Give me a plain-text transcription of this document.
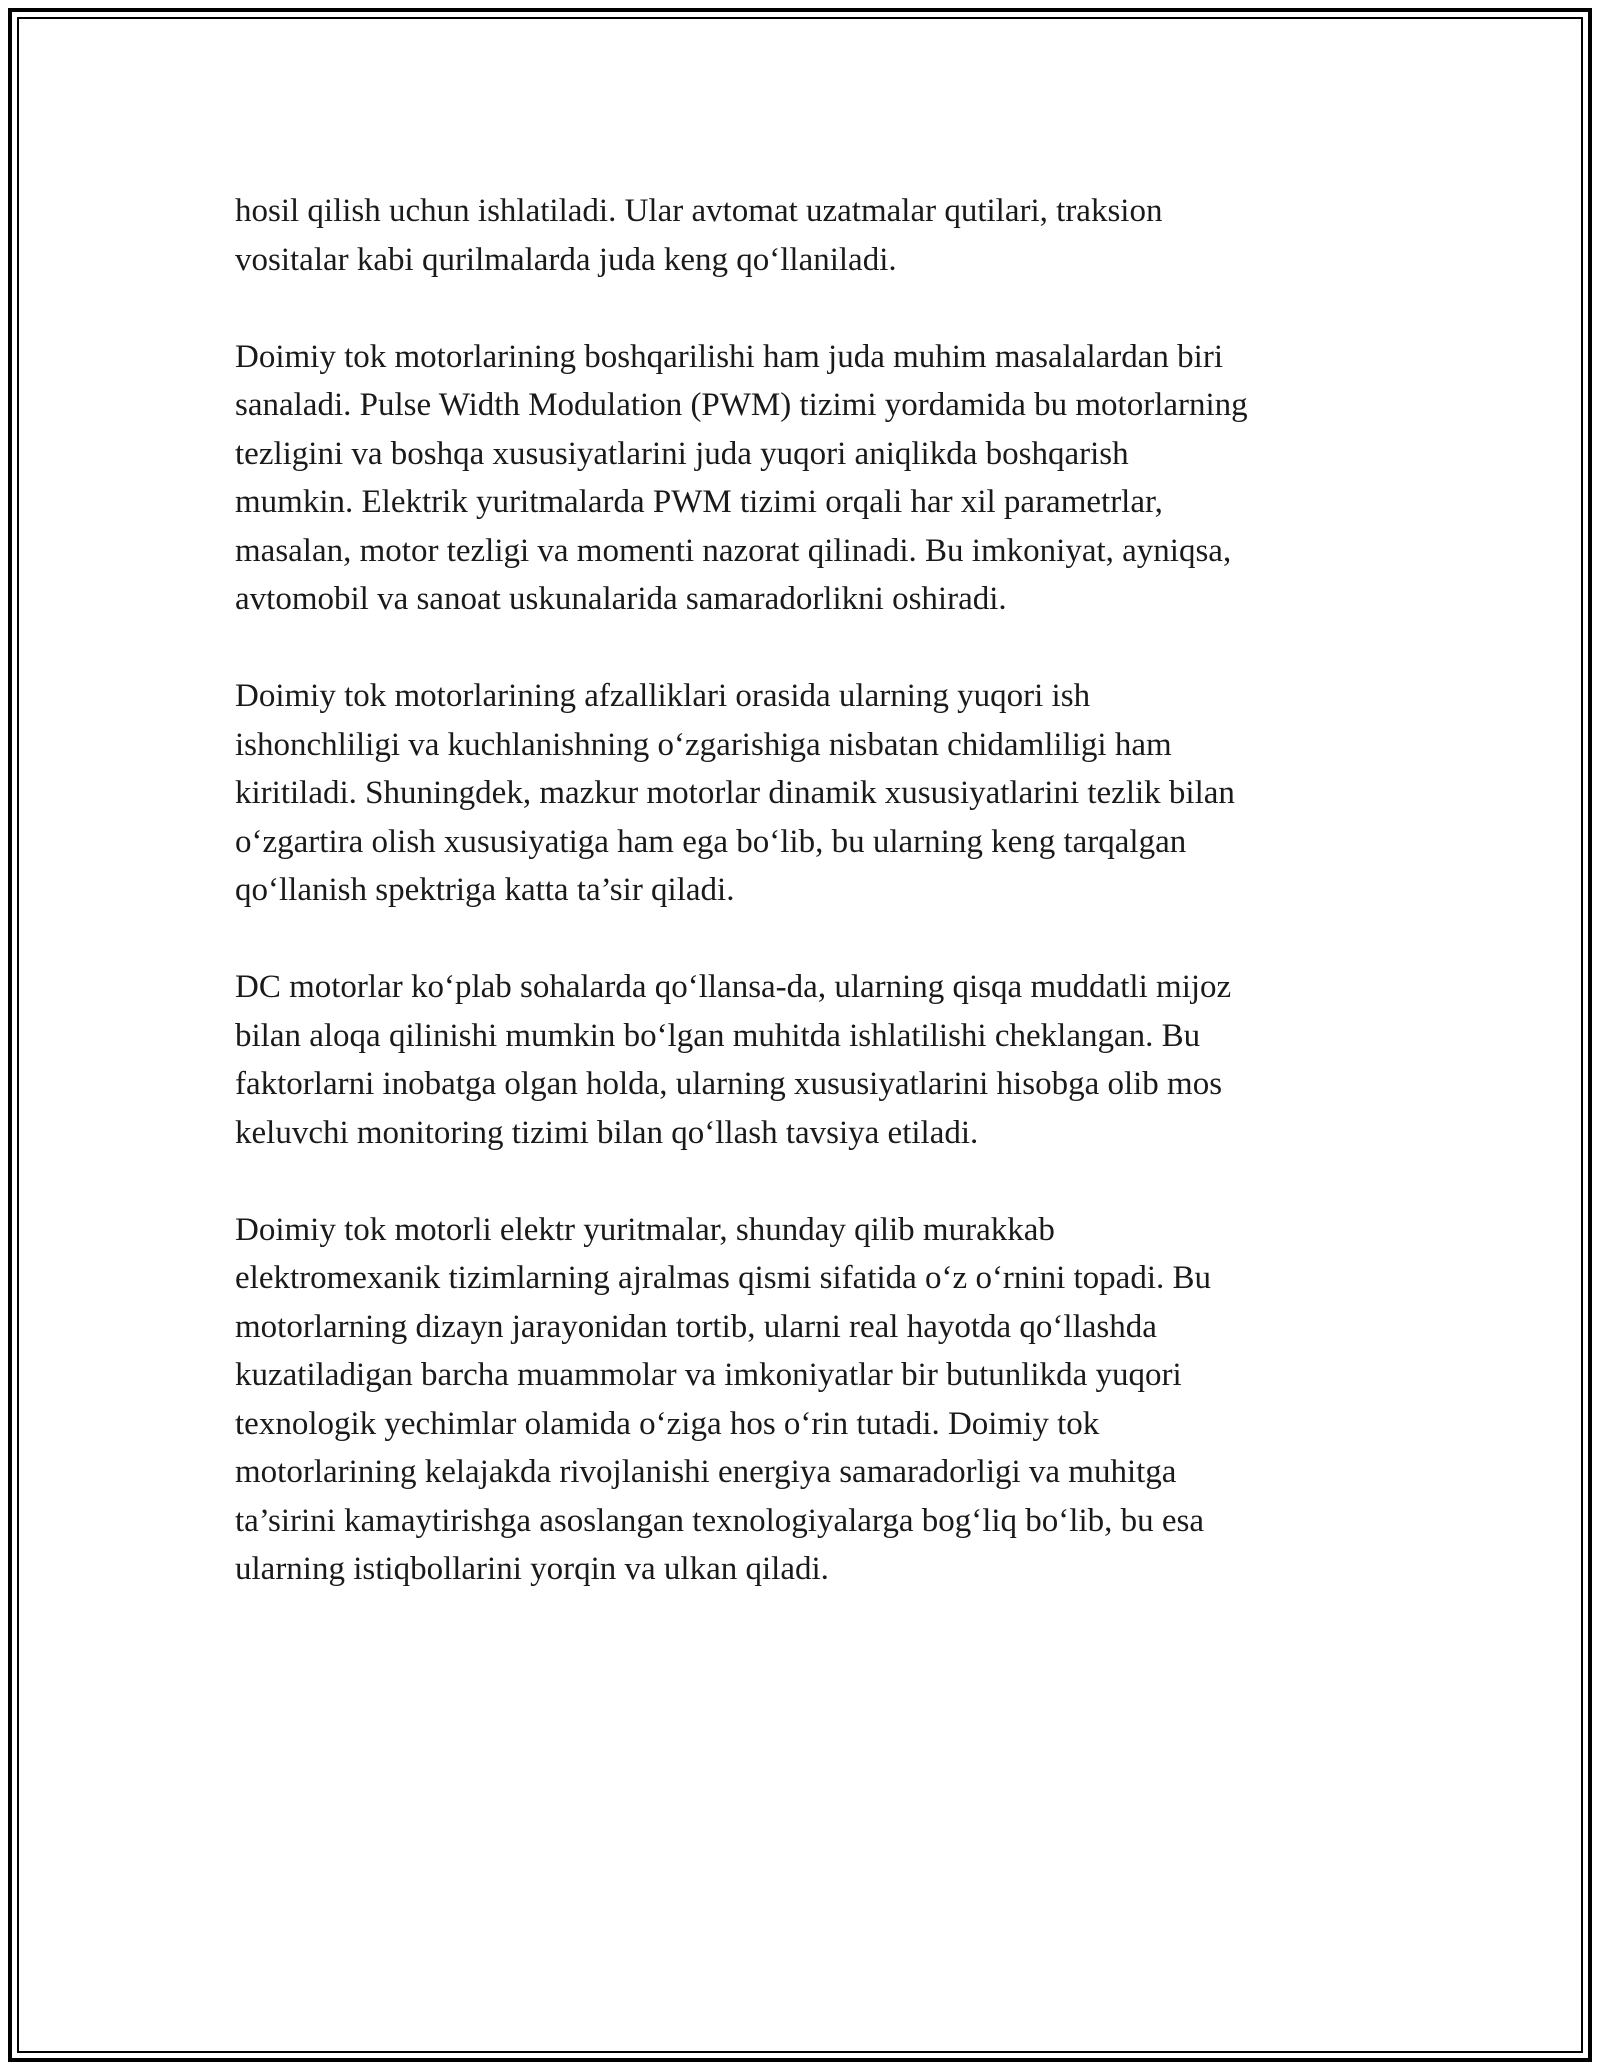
hosil qilish uchun ishlatiladi. Ular avtomat uzatmalar qutilari, traksion
vositalar kabi qurilmalarda juda keng qo‘llaniladi.

Doimiy tok motorlarining boshqarilishi ham juda muhim masalalardan biri
sanaladi. Pulse Width Modulation (PWM) tizimi yordamida bu motorlarning
tezligini va boshqa xususiyatlarini juda yuqori aniqlikda boshqarish
mumkin. Elektrik yuritmalarda PWM tizimi orqali har xil parametrlar,
masalan, motor tezligi va momenti nazorat qilinadi. Bu imkoniyat, ayniqsa,
avtomobil va sanoat uskunalarida samaradorlikni oshiradi.

Doimiy tok motorlarining afzalliklari orasida ularning yuqori ish
ishonchliligi va kuchlanishning o‘zgarishiga nisbatan chidamliligi ham
kiritiladi. Shuningdek, mazkur motorlar dinamik xususiyatlarini tezlik bilan
o‘zgartira olish xususiyatiga ham ega bo‘lib, bu ularning keng tarqalgan
qo‘llanish spektriga katta ta’sir qiladi.

DC motorlar ko‘plab sohalarda qo‘llansa-da, ularning qisqa muddatli mijoz
bilan aloqa qilinishi mumkin bo‘lgan muhitda ishlatilishi cheklangan. Bu
faktorlarni inobatga olgan holda, ularning xususiyatlarini hisobga olib mos
keluvchi monitoring tizimi bilan qo‘llash tavsiya etiladi.

Doimiy tok motorli elektr yuritmalar, shunday qilib murakkab
elektromexanik tizimlarning ajralmas qismi sifatida o‘z o‘rnini topadi. Bu
motorlarning dizayn jarayonidan tortib, ularni real hayotda qo‘llashda
kuzatiladigan barcha muammolar va imkoniyatlar bir butunlikda yuqori
texnologik yechimlar olamida o‘ziga hos o‘rin tutadi. Doimiy tok
motorlarining kelajakda rivojlanishi energiya samaradorligi va muhitga
ta’sirini kamaytirishga asoslangan texnologiyalarga bog‘liq bo‘lib, bu esa
ularning istiqbollarini yorqin va ulkan qiladi.
